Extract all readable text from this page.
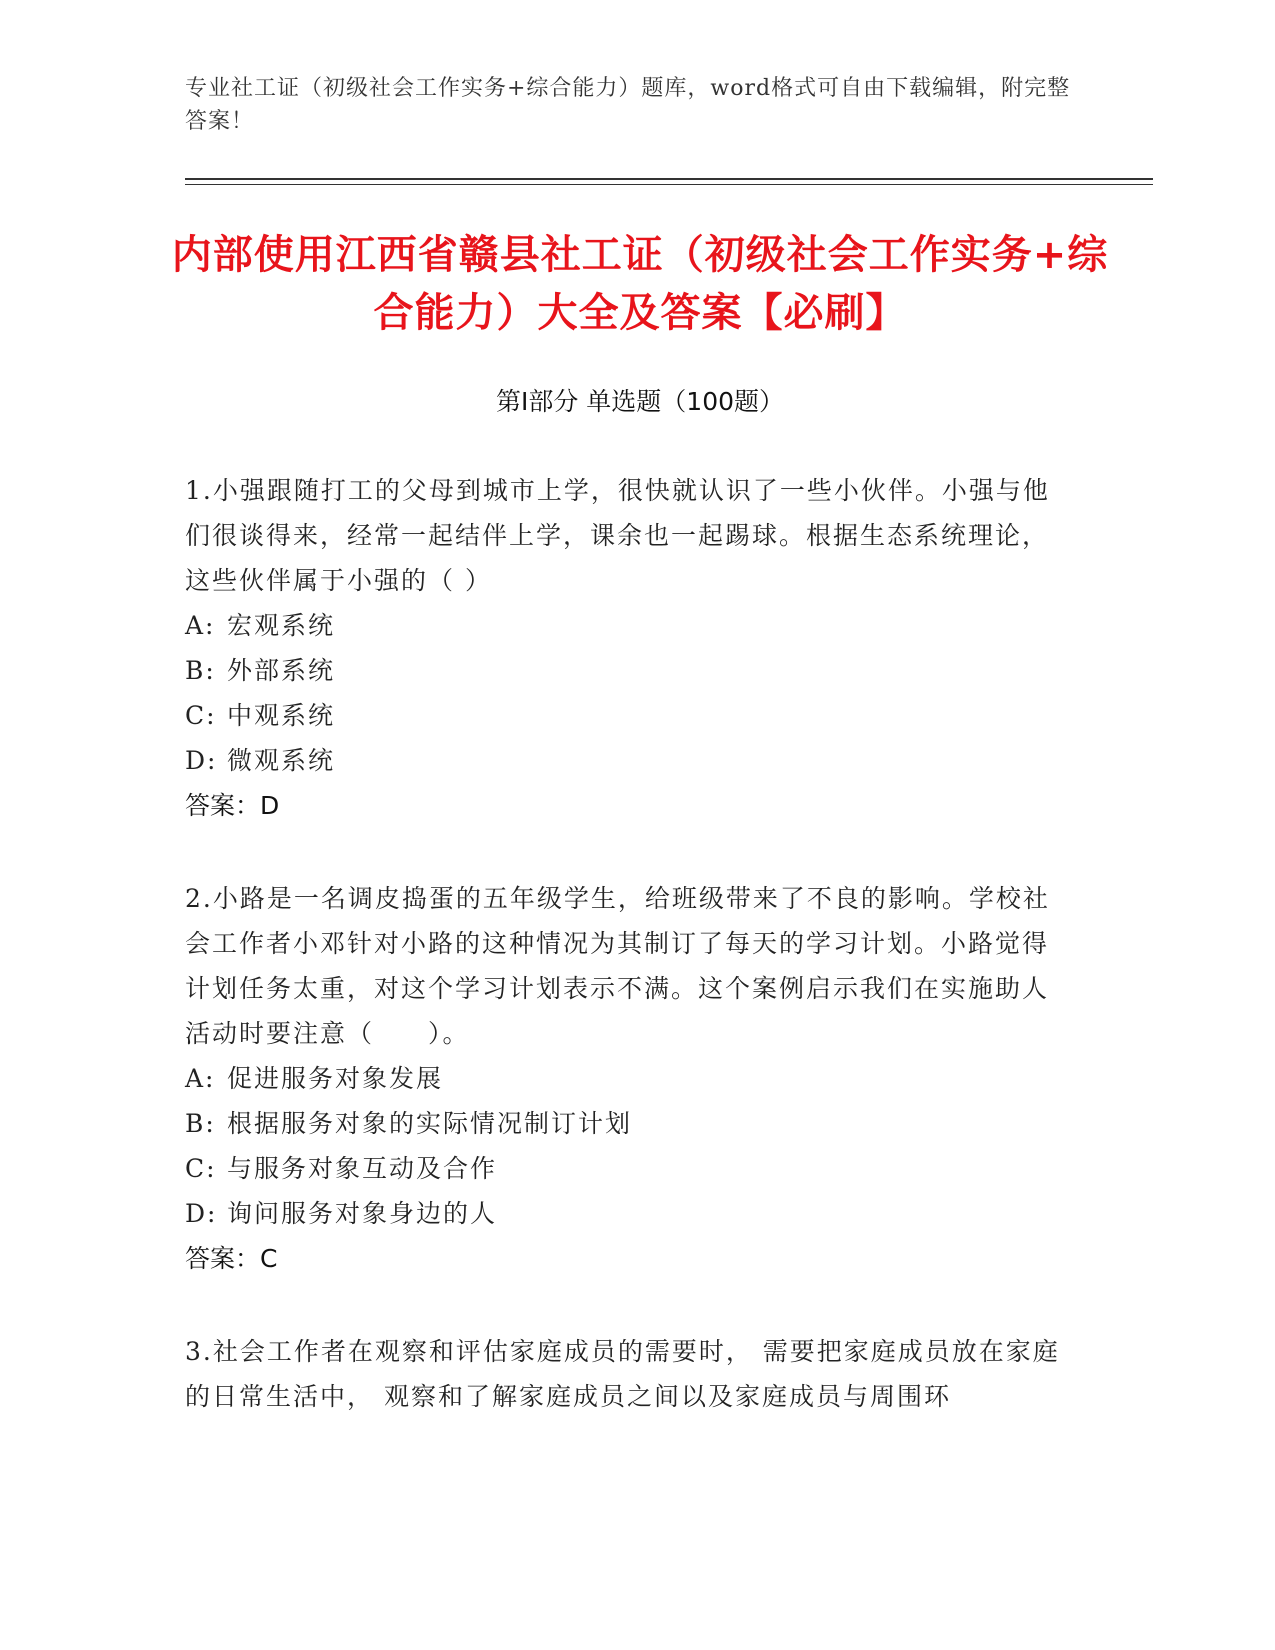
专业社工证（初级社会工作实务+综合能力）题库，word格式可自由下载编辑，附完整答案！
内部使用江西省赣县社工证（初级社会工作实务+综合能力）大全及答案【必刷】
第Ⅰ部分 单选题（100题）

1.小强跟随打工的父母到城市上学，很快就认识了一些小伙伴。小强与他们很谈得来，经常一起结伴上学，课余也一起踢球。根据生态系统理论，这些伙伴属于小强的（ ）

A: 宏观系统

B: 外部系统

C: 中观系统

D: 微观系统

答案：D

2.小路是一名调皮捣蛋的五年级学生，给班级带来了不良的影响。学校社会工作者小邓针对小路的这种情况为其制订了每天的学习计划。小路觉得计划任务太重，对这个学习计划表示不满。这个案例启示我们在实施助人活动时要注意（　　）。

A: 促进服务对象发展

B: 根据服务对象的实际情况制订计划

C: 与服务对象互动及合作

D: 询问服务对象身边的人

答案：C

3.社会工作者在观察和评估家庭成员的需要时， 需要把家庭成员放在家庭的日常生活中， 观察和了解家庭成员之间以及家庭成员与周围环
